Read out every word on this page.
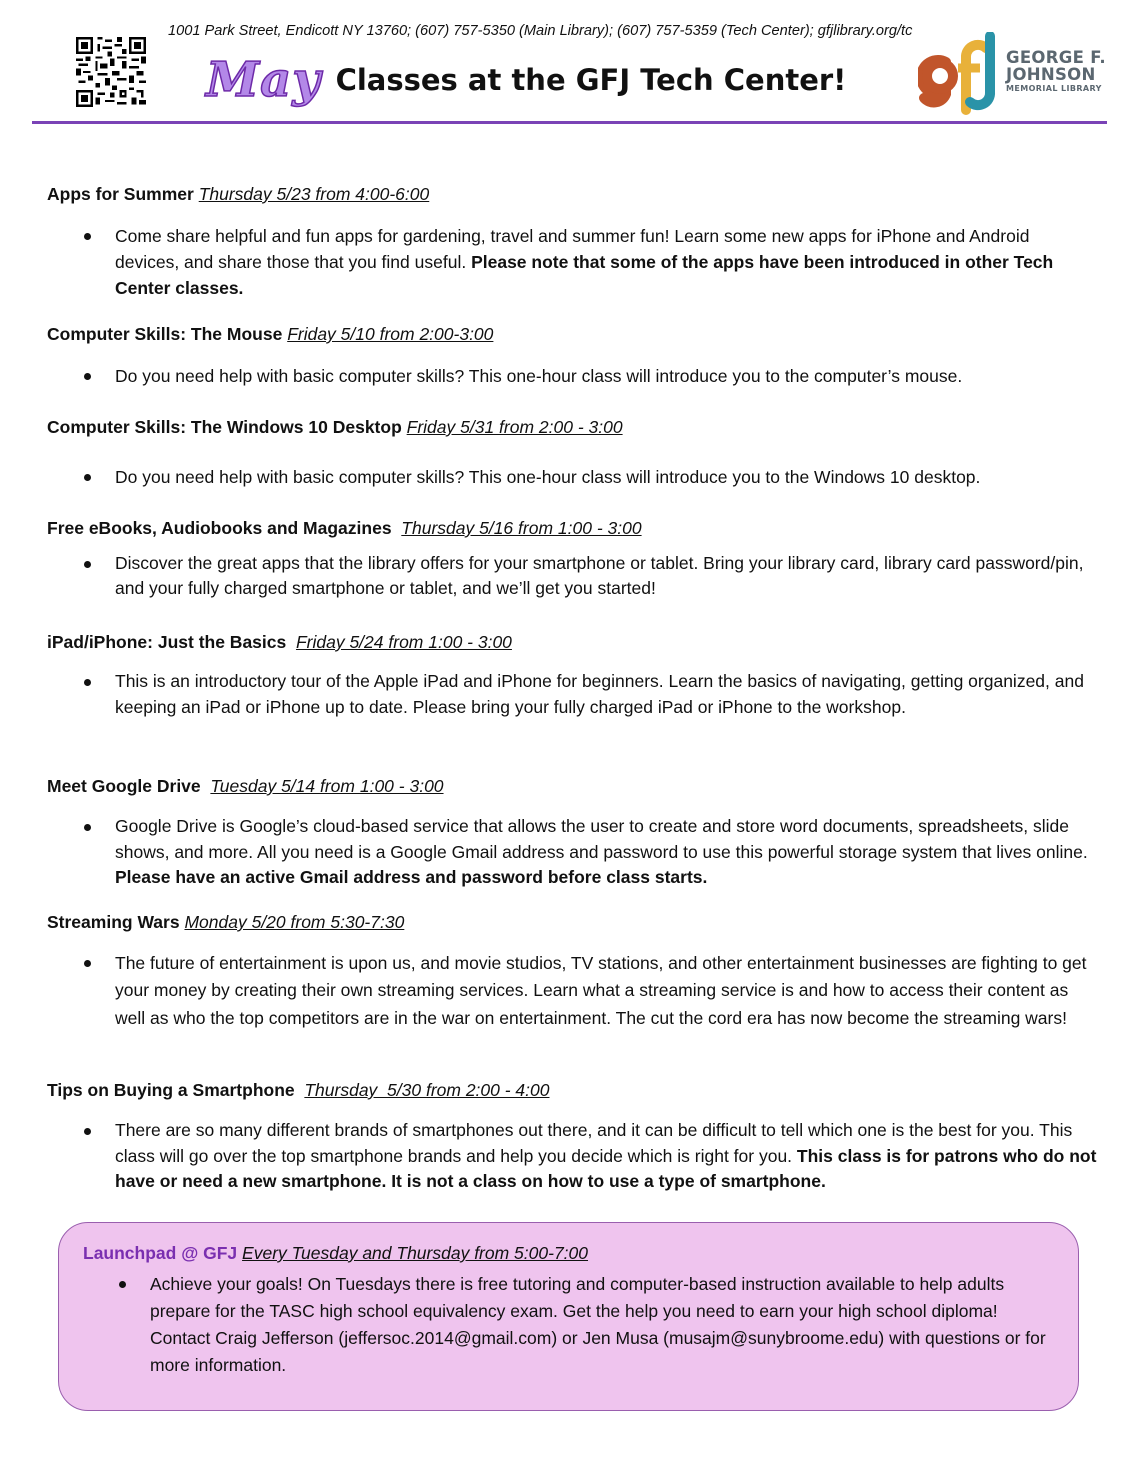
1001 Park Street, Endicott NY 13760; (607) 757-5350 (Main Library); (607) 757-5359 (Tech Center); gfjlibrary.org/tc
May Classes at the GFJ Tech Center!
GEORGE F.
JOHNSON
MEMORIAL LIBRARY
Apps for Summer Thursday 5/23 from 4:00-6:00
Come share helpful and fun apps for gardening, travel and summer fun! Learn some new apps for iPhone and Android devices, and share those that you find useful. Please note that some of the apps have been introduced in other Tech Center classes.
Computer Skills: The Mouse Friday 5/10 from 2:00-3:00
Do you need help with basic computer skills? This one-hour class will introduce you to the computer’s mouse.
Computer Skills: The Windows 10 Desktop Friday 5/31 from 2:00 - 3:00
Do you need help with basic computer skills? This one-hour class will introduce you to the Windows 10 desktop.
Free eBooks, Audiobooks and Magazines Thursday 5/16 from 1:00 - 3:00
Discover the great apps that the library offers for your smartphone or tablet. Bring your library card, library card password/pin, and your fully charged smartphone or tablet, and we’ll get you started!
iPad/iPhone: Just the Basics Friday 5/24 from 1:00 - 3:00
This is an introductory tour of the Apple iPad and iPhone for beginners. Learn the basics of navigating, getting organized, and keeping an iPad or iPhone up to date. Please bring your fully charged iPad or iPhone to the workshop.
Meet Google Drive Tuesday 5/14 from 1:00 - 3:00
Google Drive is Google’s cloud-based service that allows the user to create and store word documents, spreadsheets, slide shows, and more. All you need is a Google Gmail address and password to use this powerful storage system that lives online. Please have an active Gmail address and password before class starts.
Streaming Wars Monday 5/20 from 5:30-7:30
The future of entertainment is upon us, and movie studios, TV stations, and other entertainment businesses are fighting to get your money by creating their own streaming services. Learn what a streaming service is and how to access their content as well as who the top competitors are in the war on entertainment. The cut the cord era has now become the streaming wars!
Tips on Buying a Smartphone Thursday  5/30 from 2:00 - 4:00
There are so many different brands of smartphones out there, and it can be difficult to tell which one is the best for you. This class will go over the top smartphone brands and help you decide which is right for you. This class is for patrons who do not have or need a new smartphone. It is not a class on how to use a type of smartphone.
Launchpad @ GFJ Every Tuesday and Thursday from 5:00-7:00
Achieve your goals! On Tuesdays there is free tutoring and computer-based instruction available to help adults prepare for the TASC high school equivalency exam. Get the help you need to earn your high school diploma! Contact Craig Jefferson (jeffersoc.2014@gmail.com) or Jen Musa (musajm@sunybroome.edu) with questions or for more information.
